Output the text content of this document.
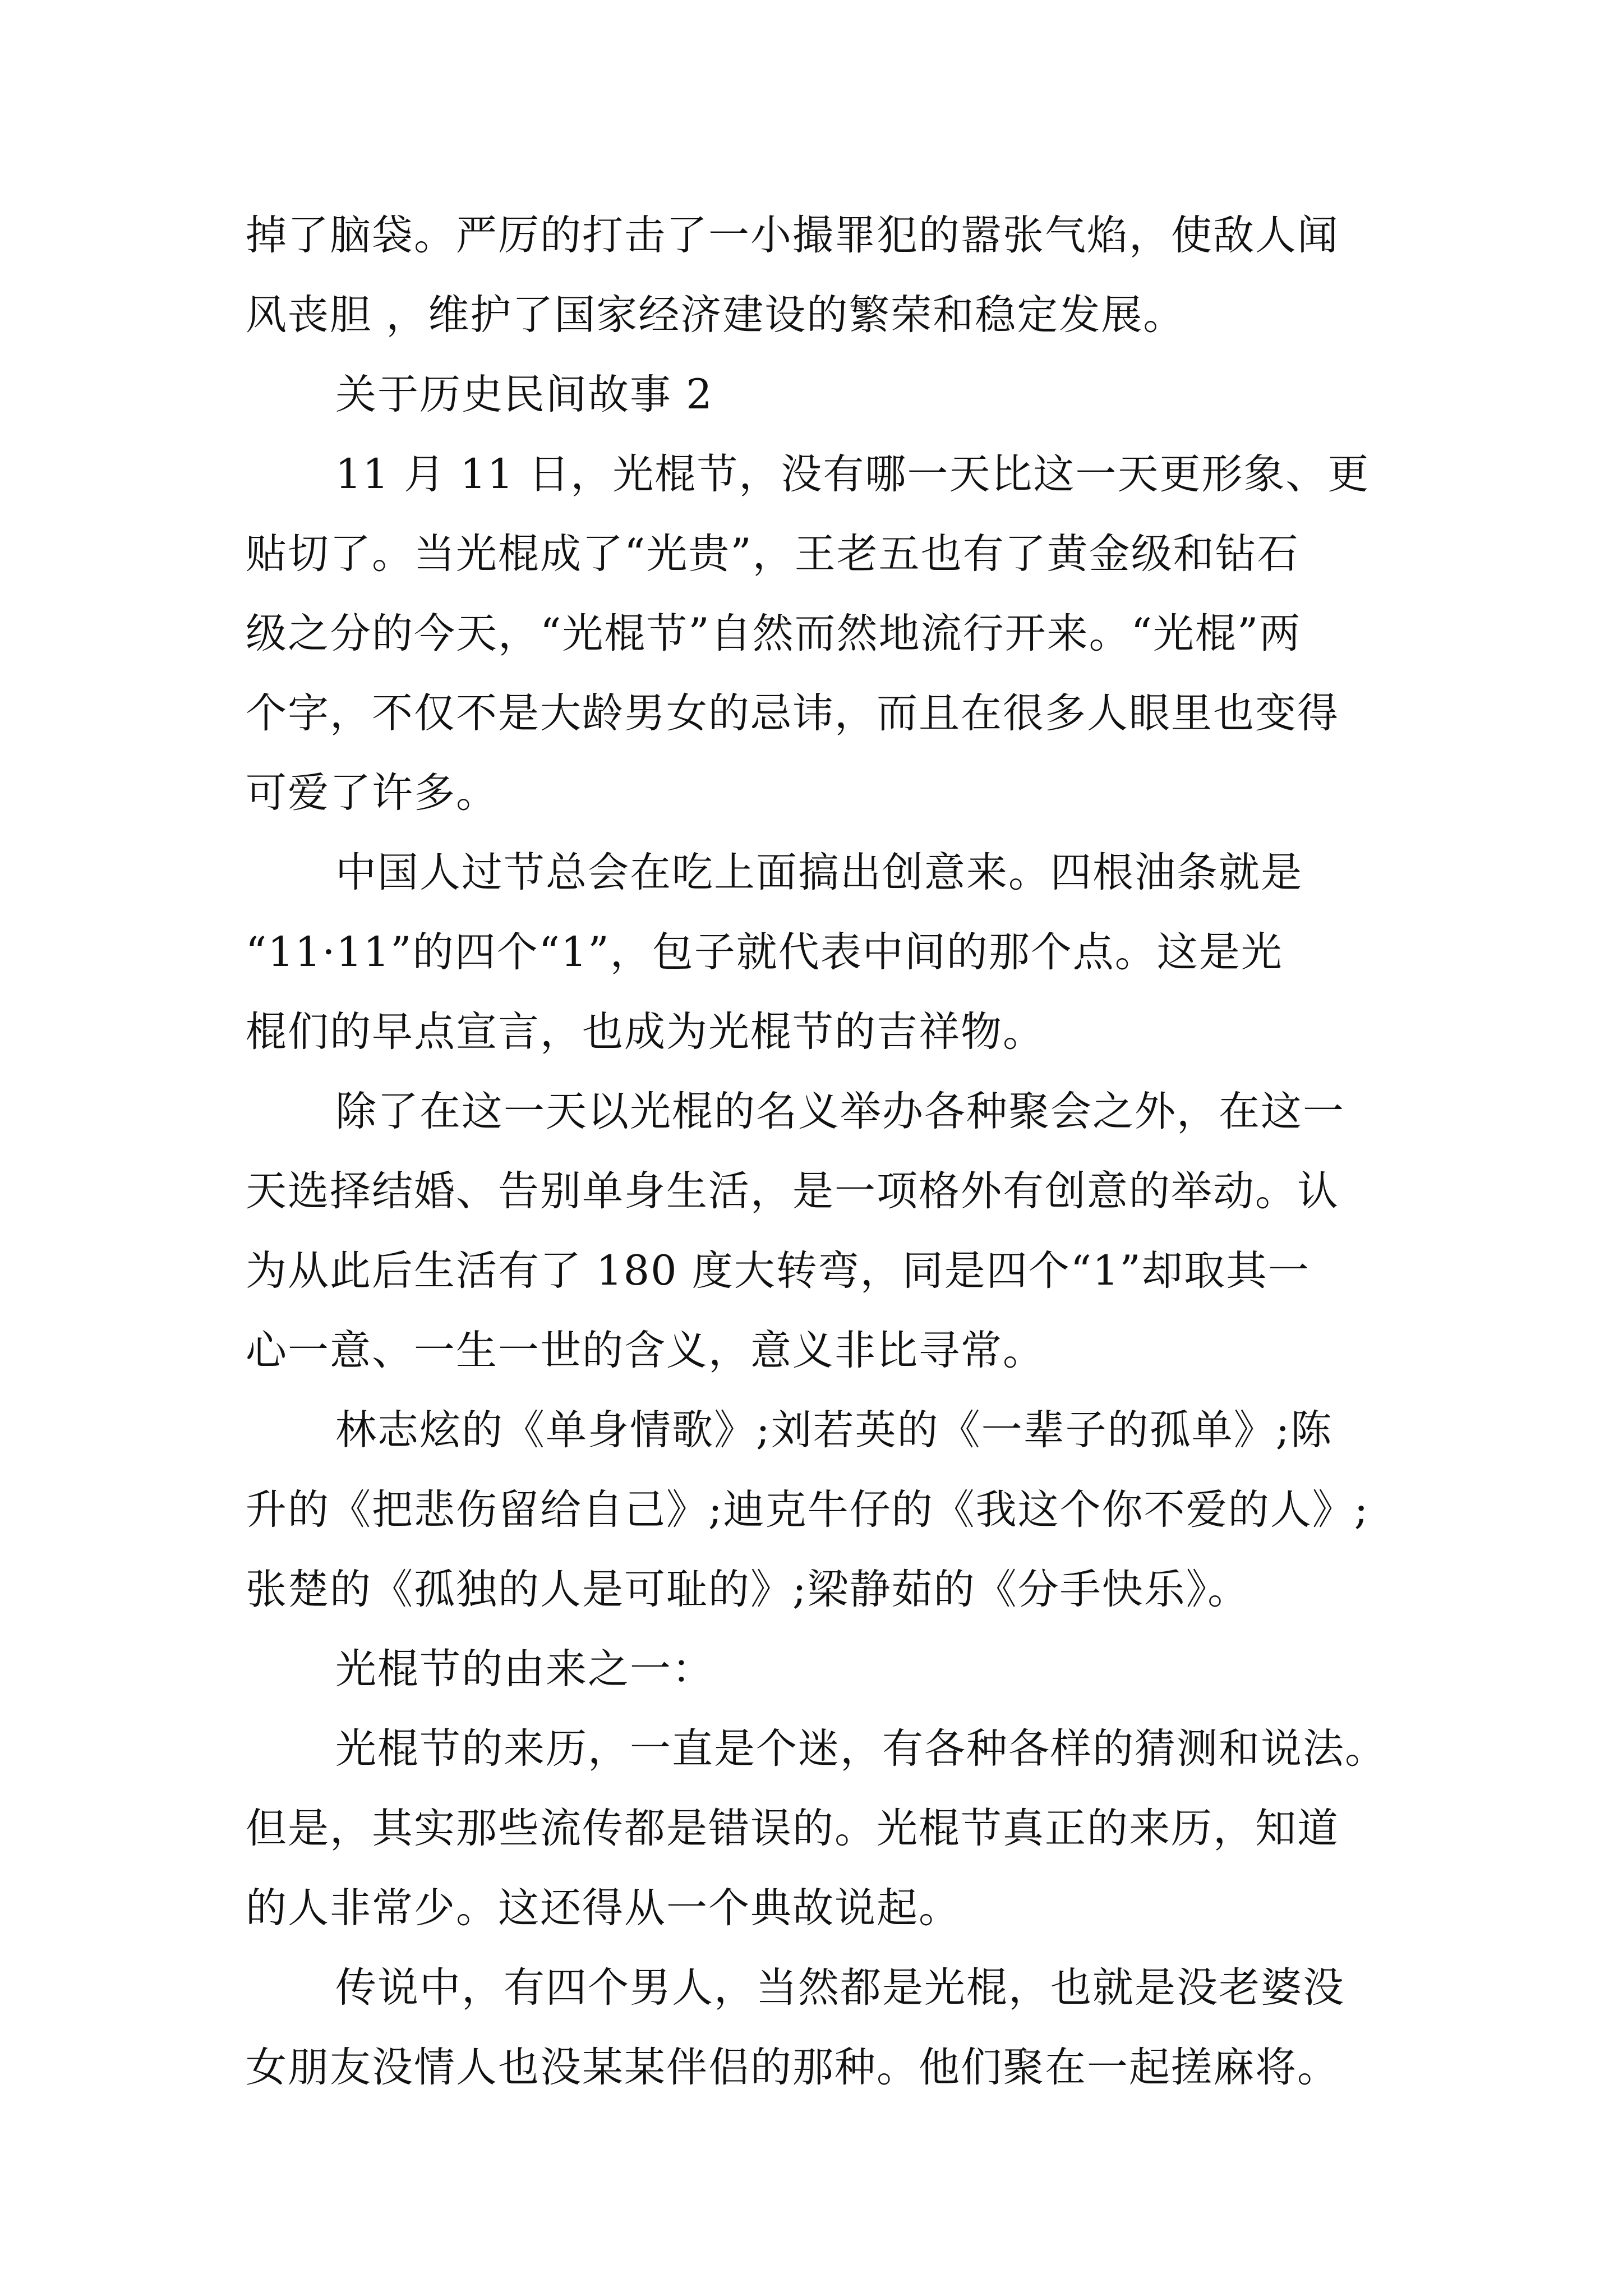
掉了脑袋。严厉的打击了一小撮罪犯的嚣张气焰，使敌人闻
风丧胆 ，维护了国家经济建设的繁荣和稳定发展。
关于历史民间故事 2
11 月 11 日，光棍节，没有哪一天比这一天更形象、更
贴切了。当光棍成了“光贵”，王老五也有了黄金级和钻石
级之分的今天，“光棍节”自然而然地流行开来。“光棍”两
个字，不仅不是大龄男女的忌讳，而且在很多人眼里也变得
可爱了许多。
中国人过节总会在吃上面搞出创意来。四根油条就是
“11·11”的四个“1”，包子就代表中间的那个点。这是光
棍们的早点宣言，也成为光棍节的吉祥物。
除了在这一天以光棍的名义举办各种聚会之外，在这一
天选择结婚、告别单身生活，是一项格外有创意的举动。认
为从此后生活有了 180 度大转弯，同是四个“1”却取其一
心一意、一生一世的含义，意义非比寻常。
林志炫的《单身情歌》;刘若英的《一辈子的孤单》;陈
升的《把悲伤留给自己》;迪克牛仔的《我这个你不爱的人》;
张楚的《孤独的人是可耻的》;梁静茹的《分手快乐》。
光棍节的由来之一：
光棍节的来历，一直是个迷，有各种各样的猜测和说法。
但是，其实那些流传都是错误的。光棍节真正的来历，知道
的人非常少。这还得从一个典故说起。
传说中，有四个男人，当然都是光棍，也就是没老婆没
女朋友没情人也没某某伴侣的那种。他们聚在一起搓麻将。
